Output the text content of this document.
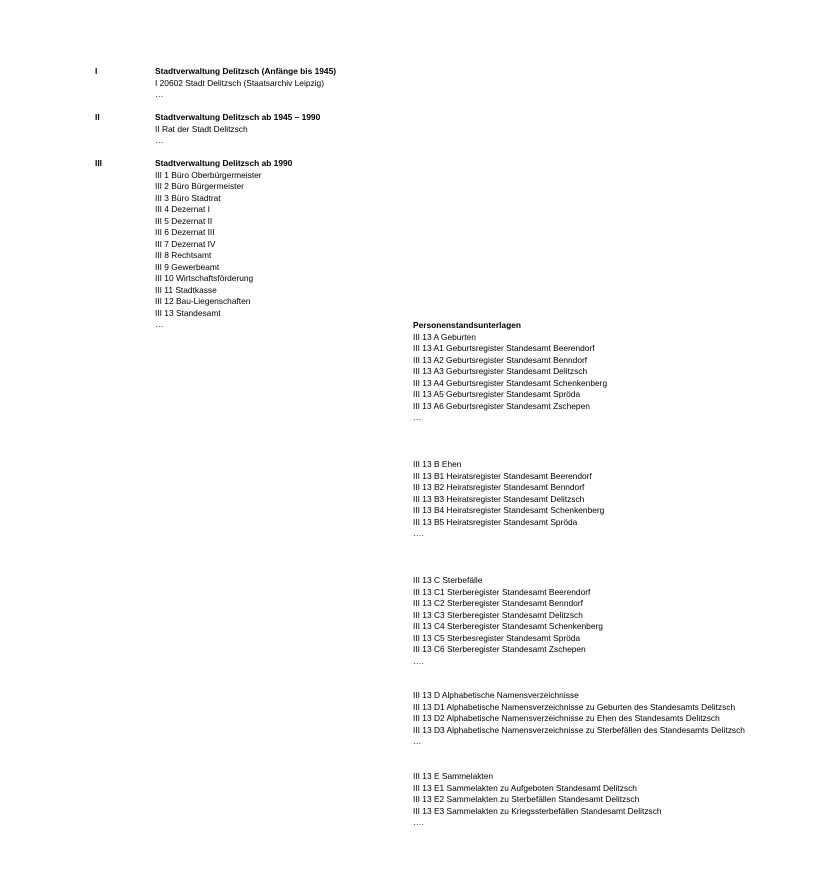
I	Stadtverwaltung Delitzsch (Anfänge bis 1945)
I 20602 Stadt Delitzsch (Staatsarchiv Leipzig)
…
II	Stadtverwaltung Delitzsch ab 1945 – 1990
II Rat der Stadt Delitzsch
…
III	Stadtverwaltung Delitzsch ab 1990
III 1 Büro Oberbürgermeister
III 2 Büro Bürgermeister
III 3 Büro Stadtrat
III 4 Dezernat I
III 5 Dezernat II
III 6 Dezernat III
III 7 Dezernat IV
III 8 Rechtsamt
III 9 Gewerbeamt
III 10 Wirtschaftsförderung
III 11 Stadtkasse
III 12 Bau-Liegenschaften
III 13 Standesamt
…	Personenstandsunterlagen
III 13 A Geburten
III 13 A1 Geburtsregister Standesamt Beerendorf
III 13 A2 Geburtsregister Standesamt Benndorf
III 13 A3 Geburtsregister Standesamt Delitzsch
III 13 A4 Geburtsregister Standesamt Schenkenberg
III 13 A5 Geburtsregister Standesamt Spröda
III 13 A6 Geburtsregister Standesamt Zschepen
…
III 13 B Ehen
III 13 B1 Heiratsregister Standesamt Beerendorf
III 13 B2 Heiratsregister Standesamt Benndorf
III 13 B3 Heiratsregister Standesamt Delitzsch
III 13 B4 Heiratsregister Standesamt Schenkenberg
III 13 B5 Heiratsregister Standesamt Spröda
….
III 13 C Sterbefälle
III 13 C1 Sterberegister Standesamt Beerendorf
III 13 C2 Sterberegister Standesamt Benndorf
III 13 C3 Sterberegister Standesamt Delitzsch
III 13 C4 Sterberegister Standesamt Schenkenberg
III 13 C5 Sterbesregister Standesamt Spröda
III 13 C6 Sterberegister Standesamt Zschepen
….
III 13 D Alphabetische Namensverzeichnisse
III 13 D1 Alphabetische Namensverzeichnisse zu Geburten des Standesamts Delitzsch
III 13 D2 Alphabetische Namensverzeichnisse zu Ehen des Standesamts Delitzsch
III 13 D3 Alphabetische Namensverzeichnisse zu Sterbefällen des Standesamts Delitzsch
…
III 13 E Sammelakten
III 13 E1 Sammelakten zu Aufgeboten Standesamt Delitzsch
III 13 E2 Sammelakten zu Sterbefällen Standesamt Delitzsch
III 13 E3 Sammelakten zu Kriegssterbefällen Standesamt Delitzsch
….
